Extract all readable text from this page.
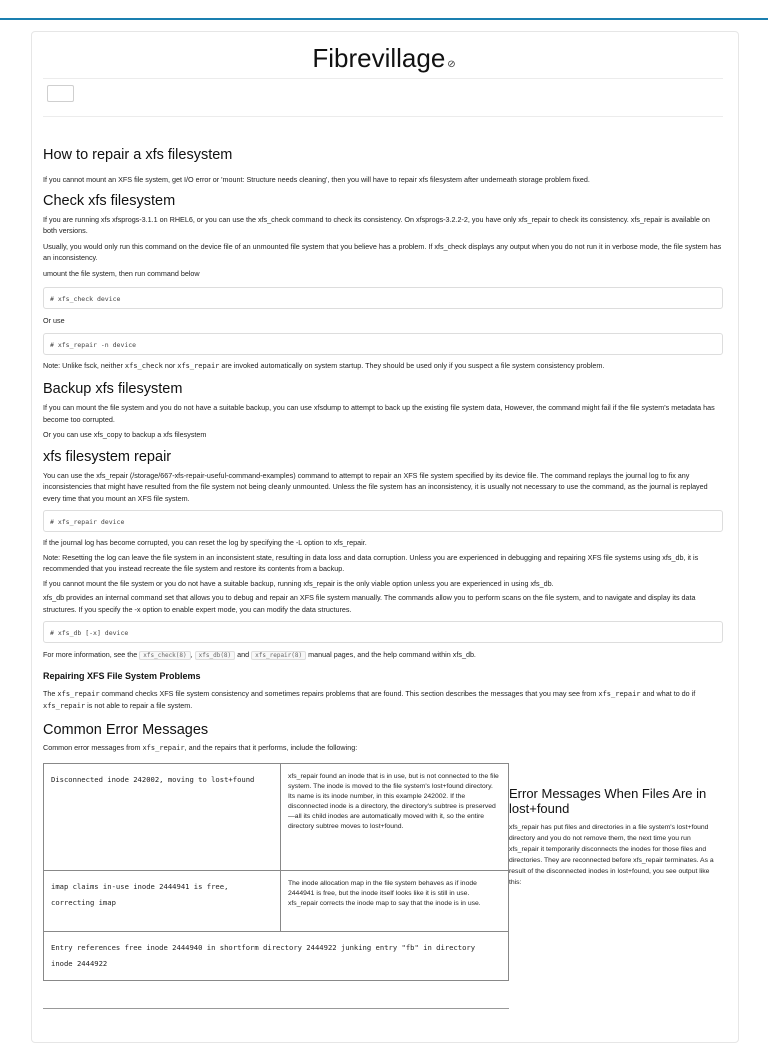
Fibrevillage ⊘
How to repair a xfs filesystem

If you cannot mount an XFS file system, get I/O error or 'mount: Structure needs cleaning', then you will have to repair xfs filesystem after underneath storage problem fixed.

Check xfs filesystem

If you are running xfs xfsprogs-3.1.1 on RHEL6, or you can use the xfs_check command to check its consistency. On xfsprogs-3.2.2-2, you have only xfs_repair to check its consistency. xfs_repair is available on both versions.

Usually, you would only run this command on the device file of an unmounted file system that you believe has a problem. If xfs_check displays any output when you do not run it in verbose mode, the file system has an inconsistency.

umount the file system, then run command below

# xfs_check device

Or use

# xfs_repair -n device

Note: Unlike fsck, neither xfs_check nor xfs_repair are invoked automatically on system startup. They should be used only if you suspect a file system consistency problem.

Backup xfs filesystem

If you can mount the file system and you do not have a suitable backup, you can use xfsdump to attempt to back up the existing file system data, However, the command might fail if the file system's metadata has become too corrupted.

Or you can use xfs_copy to backup a xfs filesystem

xfs filesystem repair

You can use the xfs_repair (/storage/667-xfs-repair-useful-command-examples) command to attempt to repair an XFS file system specified by its device file. The command replays the journal log to fix any inconsistencies that might have resulted from the file system not being cleanly unmounted. Unless the file system has an inconsistency, it is usually not necessary to use the command, as the journal is replayed every time that you mount an XFS file system.

# xfs_repair device

If the journal log has become corrupted, you can reset the log by specifying the -L option to xfs_repair.

Note: Resetting the log can leave the file system in an inconsistent state, resulting in data loss and data corruption. Unless you are experienced in debugging and repairing XFS file systems using xfs_db, it is recommended that you instead recreate the file system and restore its contents from a backup.

If you cannot mount the file system or you do not have a suitable backup, running xfs_repair is the only viable option unless you are experienced in using xfs_db.

xfs_db provides an internal command set that allows you to debug and repair an XFS file system manually. The commands allow you to perform scans on the file system, and to navigate and display its data structures. If you specify the -x option to enable expert mode, you can modify the data structures.

# xfs_db [-x] device

For more information, see the xfs_check(8) , xfs_db(8) and xfs_repair(8) manual pages, and the help command within xfs_db.

Repairing XFS File System Problems

The xfs_repair command checks XFS file system consistency and sometimes repairs problems that are found. This section describes the messages that you may see from xfs_repair and what to do if xfs_repair is not able to repair a file system.

Common Error Messages

Common error messages from xfs_repair, and the repairs that it performs, include the following:

Disconnected inode 242002, moving to lost+found	xfs_repair found an inode that is in use, but is not connected to the file system. The inode is moved to the file system's lost+found directory. Its name is its inode number, in this example 242002. If the disconnected inode is a directory, the directory's subtree is preserved—all its child inodes are automatically moved with it, so the entire directory subtree moves to lost+found.
imap claims in-use inode 2444941 is free, correcting imap	The inode allocation map in the file system behaves as if inode 2444941 is free, but the inode itself looks like it is still in use. xfs_repair corrects the inode map to say that the inode is in use.
Entry references free inode 2444940 in shortform directory 2444922 junking entry "fb" in directory inode 2444922	
Error Messages When Files Are in lost+found

xfs_repair has put files and directories in a file system's lost+found directory and you do not remove them, the next time you run xfs_repair it temporarily disconnects the inodes for those files and directories. They are reconnected before xfs_repair terminates. As a result of the disconnected inodes in lost+found, you see output like this:
